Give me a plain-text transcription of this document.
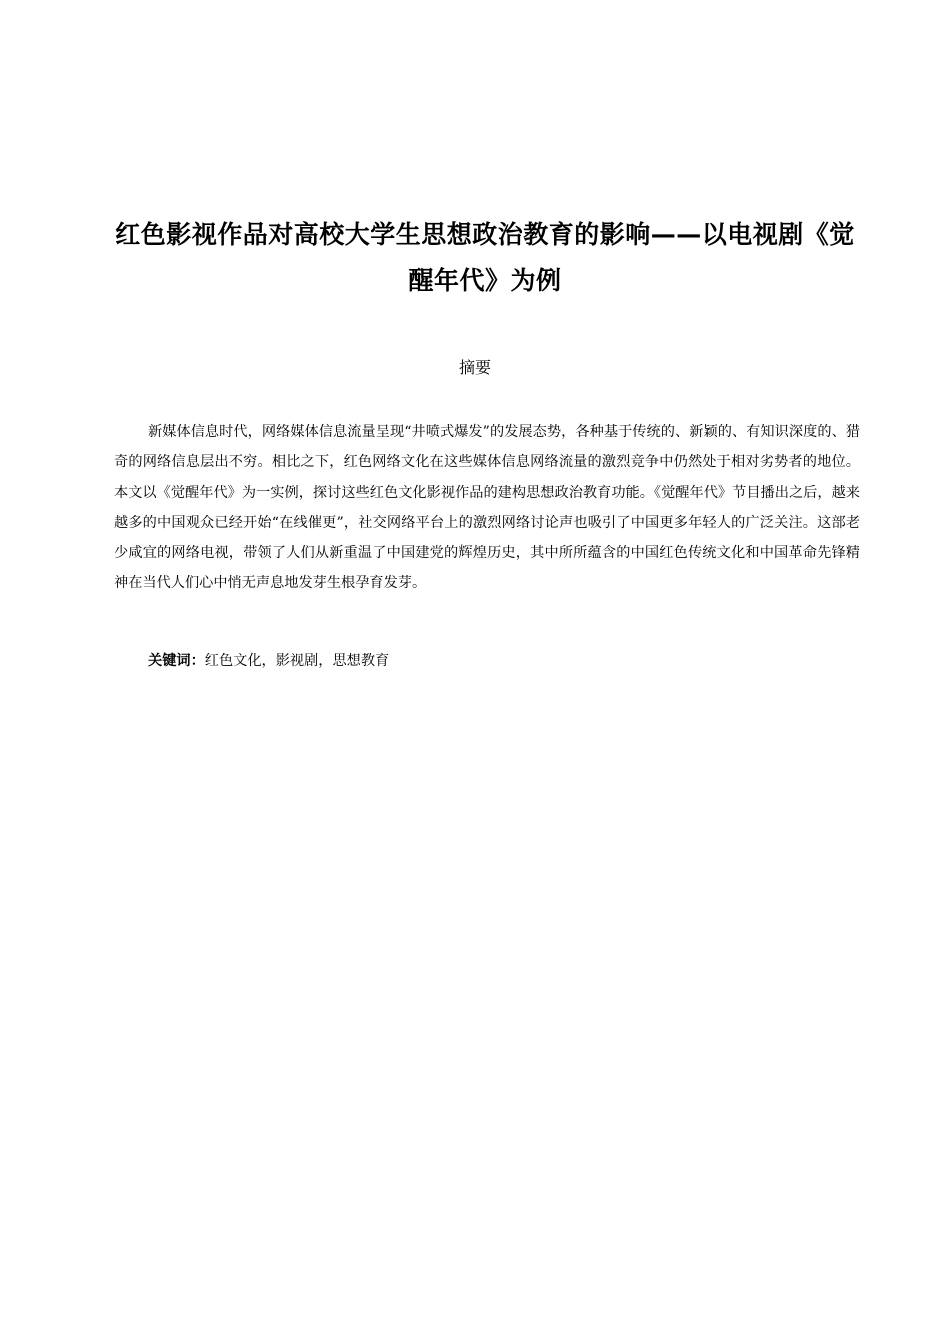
红色影视作品对高校大学生思想政治教育的影响——以电视剧《觉醒年代》为例

摘要

新媒体信息时代，网络媒体信息流量呈现“井喷式爆发”的发展态势，各种基于传统的、新颖的、有知识深度的、猎奇的网络信息层出不穷。相比之下，红色网络文化在这些媒体信息网络流量的激烈竞争中仍然处于相对劣势者的地位。本文以《觉醒年代》为一实例，探讨这些红色文化影视作品的建构思想政治教育功能。《觉醒年代》节目播出之后，越来越多的中国观众已经开始“在线催更”，社交网络平台上的激烈网络讨论声也吸引了中国更多年轻人的广泛关注。这部老少咸宜的网络电视，带领了人们从新重温了中国建党的辉煌历史，其中所所蕴含的中国红色传统文化和中国革命先锋精神在当代人们心中悄无声息地发芽生根孕育发芽。

关键词：红色文化，影视剧，思想教育
